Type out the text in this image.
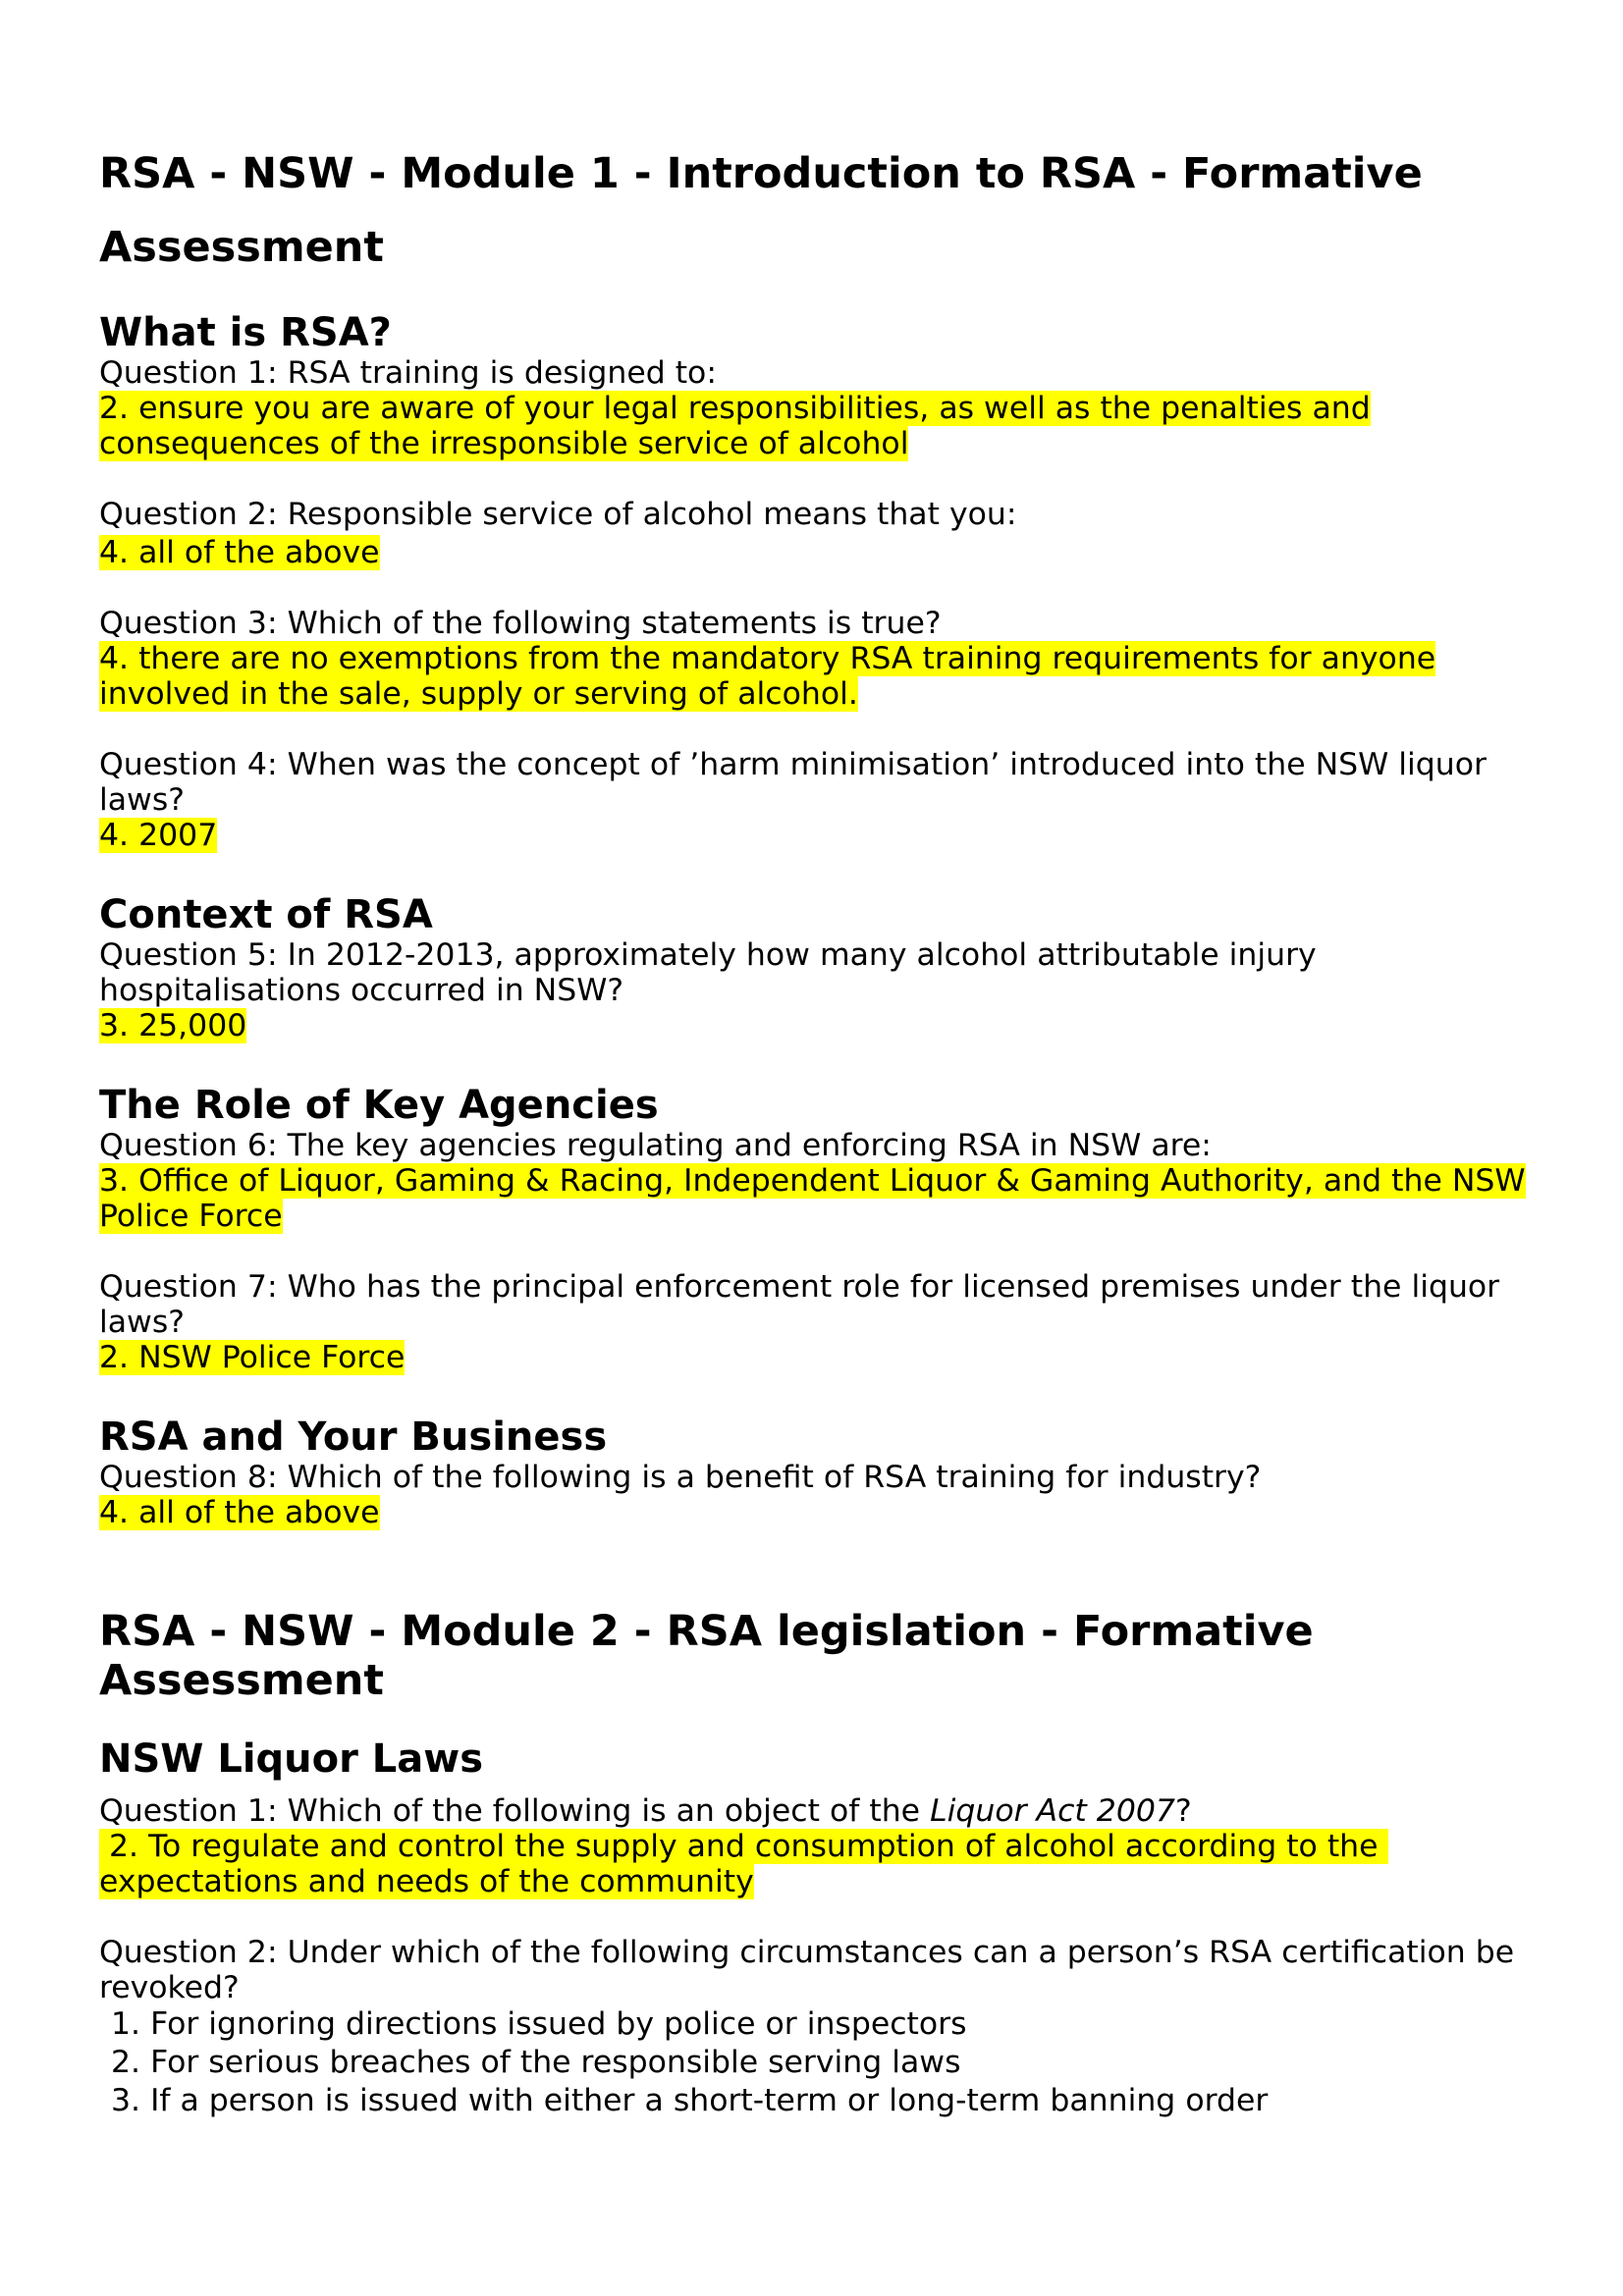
RSA - NSW - Module 1 - Introduction to RSA - Formative Assessment
What is RSA?

Question 1: RSA training is designed to:

2. ensure you are aware of your legal responsibilities, as well as the penalties and consequences of the irresponsible service of alcohol

Question 2: Responsible service of alcohol means that you:

4. all of the above

Question 3: Which of the following statements is true?

4. there are no exemptions from the mandatory RSA training requirements for anyone involved in the sale, supply or serving of alcohol.

Question 4: When was the concept of ’harm minimisation’ introduced into the NSW liquor laws?

4. 2007

Context of RSA

Question 5: In 2012-2013, approximately how many alcohol attributable injury hospitalisations occurred in NSW?

3. 25,000

The Role of Key Agencies

Question 6: The key agencies regulating and enforcing RSA in NSW are:

3. Office of Liquor, Gaming & Racing, Independent Liquor & Gaming Authority, and the NSW Police Force

Question 7: Who has the principal enforcement role for licensed premises under the liquor laws?

2. NSW Police Force

RSA and Your Business

Question 8: Which of the following is a benefit of RSA training for industry?

4. all of the above

RSA - NSW - Module 2 - RSA legislation - Formative Assessment
NSW Liquor Laws

Question 1: Which of the following is an object of the Liquor Act 2007?

2. To regulate and control the supply and consumption of alcohol according to the expectations and needs of the community

Question 2: Under which of the following circumstances can a person’s RSA certification be revoked?

1. For ignoring directions issued by police or inspectors

2. For serious breaches of the responsible serving laws

3. If a person is issued with either a short-term or long-term banning order
